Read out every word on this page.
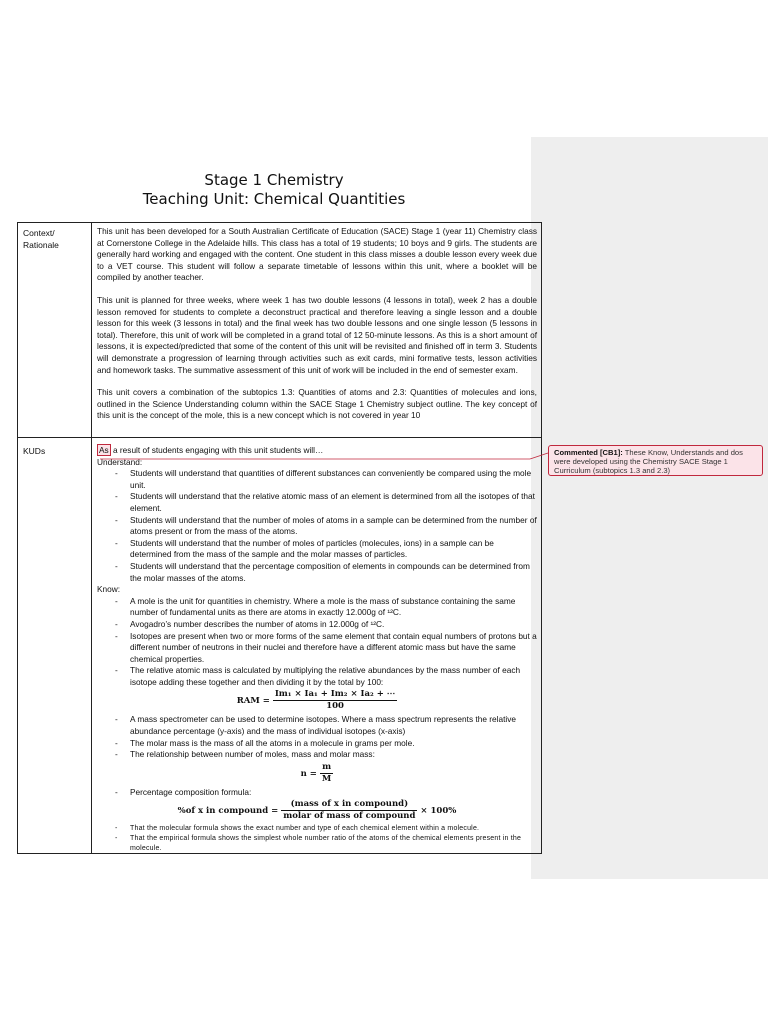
Stage 1 Chemistry
Teaching Unit: Chemical Quantities
Context/
Rationale

This unit has been developed for a South Australian Certificate of Education (SACE) Stage 1 (year 11) Chemistry class at Cornerstone College in the Adelaide hills. This class has a total of 19 students; 10 boys and 9 girls. The students are generally hard working and engaged with the content. One student in this class misses a double lesson every week due to a VET course. This student will follow a separate timetable of lessons within this unit, where a booklet will be compiled by another teacher.

This unit is planned for three weeks, where week 1 has two double lessons (4 lessons in total), week 2 has a double lesson removed for students to complete a deconstruct practical and therefore leaving a single lesson and a double lesson for this week (3 lessons in total) and the final week has two double lessons and one single lesson (5 lessons in total). Therefore, this unit of work will be completed in a grand total of 12 50-minute lessons. As this is a short amount of lessons, it is expected/predicted that some of the content of this unit will be revisited and finished off in term 3. Students will demonstrate a progression of learning through activities such as exit cards, mini formative tests, lesson activities and homework tasks. The summative assessment of this unit of work will be included in the end of semester exam.

This unit covers a combination of the subtopics 1.3: Quantities of atoms and 2.3: Quantities of molecules and ions, outlined in the Science Understanding column within the SACE Stage 1 Chemistry subject outline. The key concept of this unit is the concept of the mole, this is a new concept which is not covered in year 10

KUDs	As a result of students engaging with this unit students will…
Understand:
- Students will understand that quantities of different substances can conveniently be compared using the mole unit.
- Students will understand that the relative atomic mass of an element is determined from all the isotopes of that element.
- Students will understand that the number of moles of atoms in a sample can be determined from the number of atoms present or from the mass of the atoms.
- Students will understand that the number of moles of particles (molecules, ions) in a sample can be determined from the mass of the sample and the molar masses of particles.
- Students will understand that the percentage composition of elements in compounds can be determined from the molar masses of the atoms.
Know:
- A mole is the unit for quantities in chemistry. Where a mole is the mass of substance containing the same number of fundamental units as there are atoms in exactly 12.000g of ¹²C.
- Avogadro’s number describes the number of atoms in 12.000g of ¹²C.
- Isotopes are present when two or more forms of the same element that contain equal numbers of protons but a different number of neutrons in their nuclei and therefore have a different atomic mass but have the same chemical properties.
- The relative atomic mass is calculated by multiplying the relative abundances by the mass number of each isotope adding these together and then dividing it by the total by 100:
RAM = $\frac{\text{Im₁ × Ia₁ + Im₂ × Ia₂ + ⋯}}{100}$
- A mass spectrometer can be used to determine isotopes. Where a mass spectrum represents the relative abundance percentage (y-axis) and the mass of individual isotopes (x-axis)
- The molar mass is the mass of all the atoms in a molecule in grams per mole.
- The relationship between number of moles, mass and molar mass:
$n = \frac{m}{M}$
- Percentage composition formula:
%of x in compound = $\frac{\text{(mass of x in compound)}}{\text{molar of mass of compound}} \times 100\%$
- That the molecular formula shows the exact number and type of each chemical element within a molecule.
- That the empirical formula shows the simplest whole number ratio of the atoms of the chemical elements present in the molecule.
Commented [CB1]: These Know, Understands and dos were developed using the Chemistry SACE Stage 1 Curriculum (subtopics 1.3 and 2.3)
